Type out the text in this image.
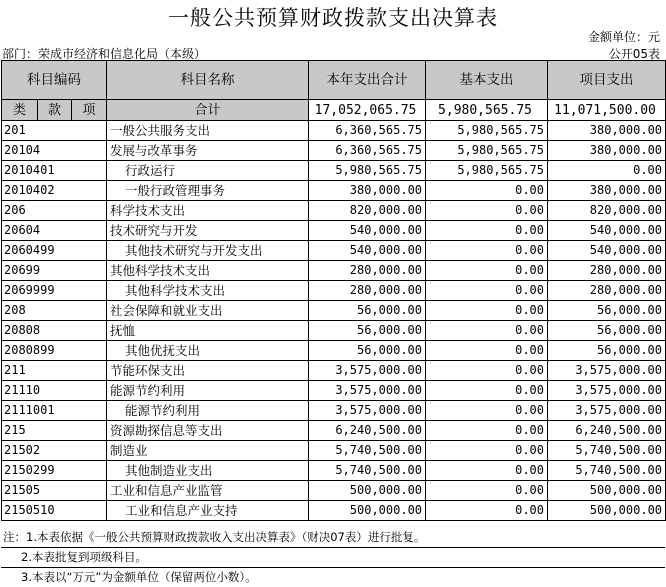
一般公共预算财政拨款支出决算表
金额单位：元
部门：荣成市经济和信息化局（本级）	公开05表
科目编码			科目名称	本年支出合计	基本支出	项目支出
类	款	项	合计	17,052,065.75	5,980,565.75	11,071,500.00
201			一般公共服务支出	6,360,565.75	5,980,565.75	380,000.00
20104			发展与改革事务	6,360,565.75	5,980,565.75	380,000.00
2010401			行政运行	5,980,565.75	5,980,565.75	0.00
2010402			一般行政管理事务	380,000.00	0.00	380,000.00
206			科学技术支出	820,000.00	0.00	820,000.00
20604			技术研究与开发	540,000.00	0.00	540,000.00
2060499			其他技术研究与开发支出	540,000.00	0.00	540,000.00
20699			其他科学技术支出	280,000.00	0.00	280,000.00
2069999			其他科学技术支出	280,000.00	0.00	280,000.00
208			社会保障和就业支出	56,000.00	0.00	56,000.00
20808			抚恤	56,000.00	0.00	56,000.00
2080899			其他优抚支出	56,000.00	0.00	56,000.00
211			节能环保支出	3,575,000.00	0.00	3,575,000.00
21110			能源节约利用	3,575,000.00	0.00	3,575,000.00
2111001			能源节约利用	3,575,000.00	0.00	3,575,000.00
215			资源勘探信息等支出	6,240,500.00	0.00	6,240,500.00
21502			制造业	5,740,500.00	0.00	5,740,500.00
2150299			其他制造业支出	5,740,500.00	0.00	5,740,500.00
21505			工业和信息产业监管	500,000.00	0.00	500,000.00
2150510			工业和信息产业支持	500,000.00	0.00	500,000.00
注：1.本表依据《一般公共预算财政拨款收入支出决算表》（财决07表）进行批复。
2.本表批复到项级科目。
3.本表以“万元”为金额单位（保留两位小数）。
